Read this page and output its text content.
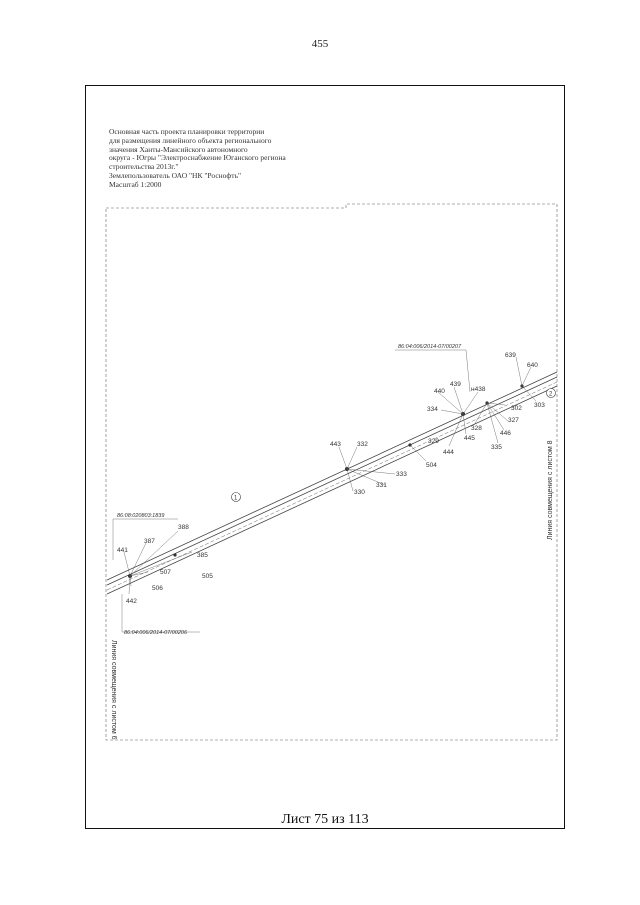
455
Основная часть проекта планировки территории
для размещения линейного объекта регионального
значения Ханты-Мансийского автономного
округа - Югры "Электроснабжение Юганского региона
строительства 2013г."
Землепользователь ОАО "НК "Роснофть"
Масштаб 1:2000
86:04:006/2014-07/00207
86:08:020803:1839
86:04:006/2014-07/00206
1
2
639
640
439
440	н438
334	302 303
327
328
445
446
335
444
443 332	329
504
333
331
330
388
387
441
385
507
505
506
442
Линия совмещения с листом 8
Линия совмещения с листом 6
Лист 75 из 113
